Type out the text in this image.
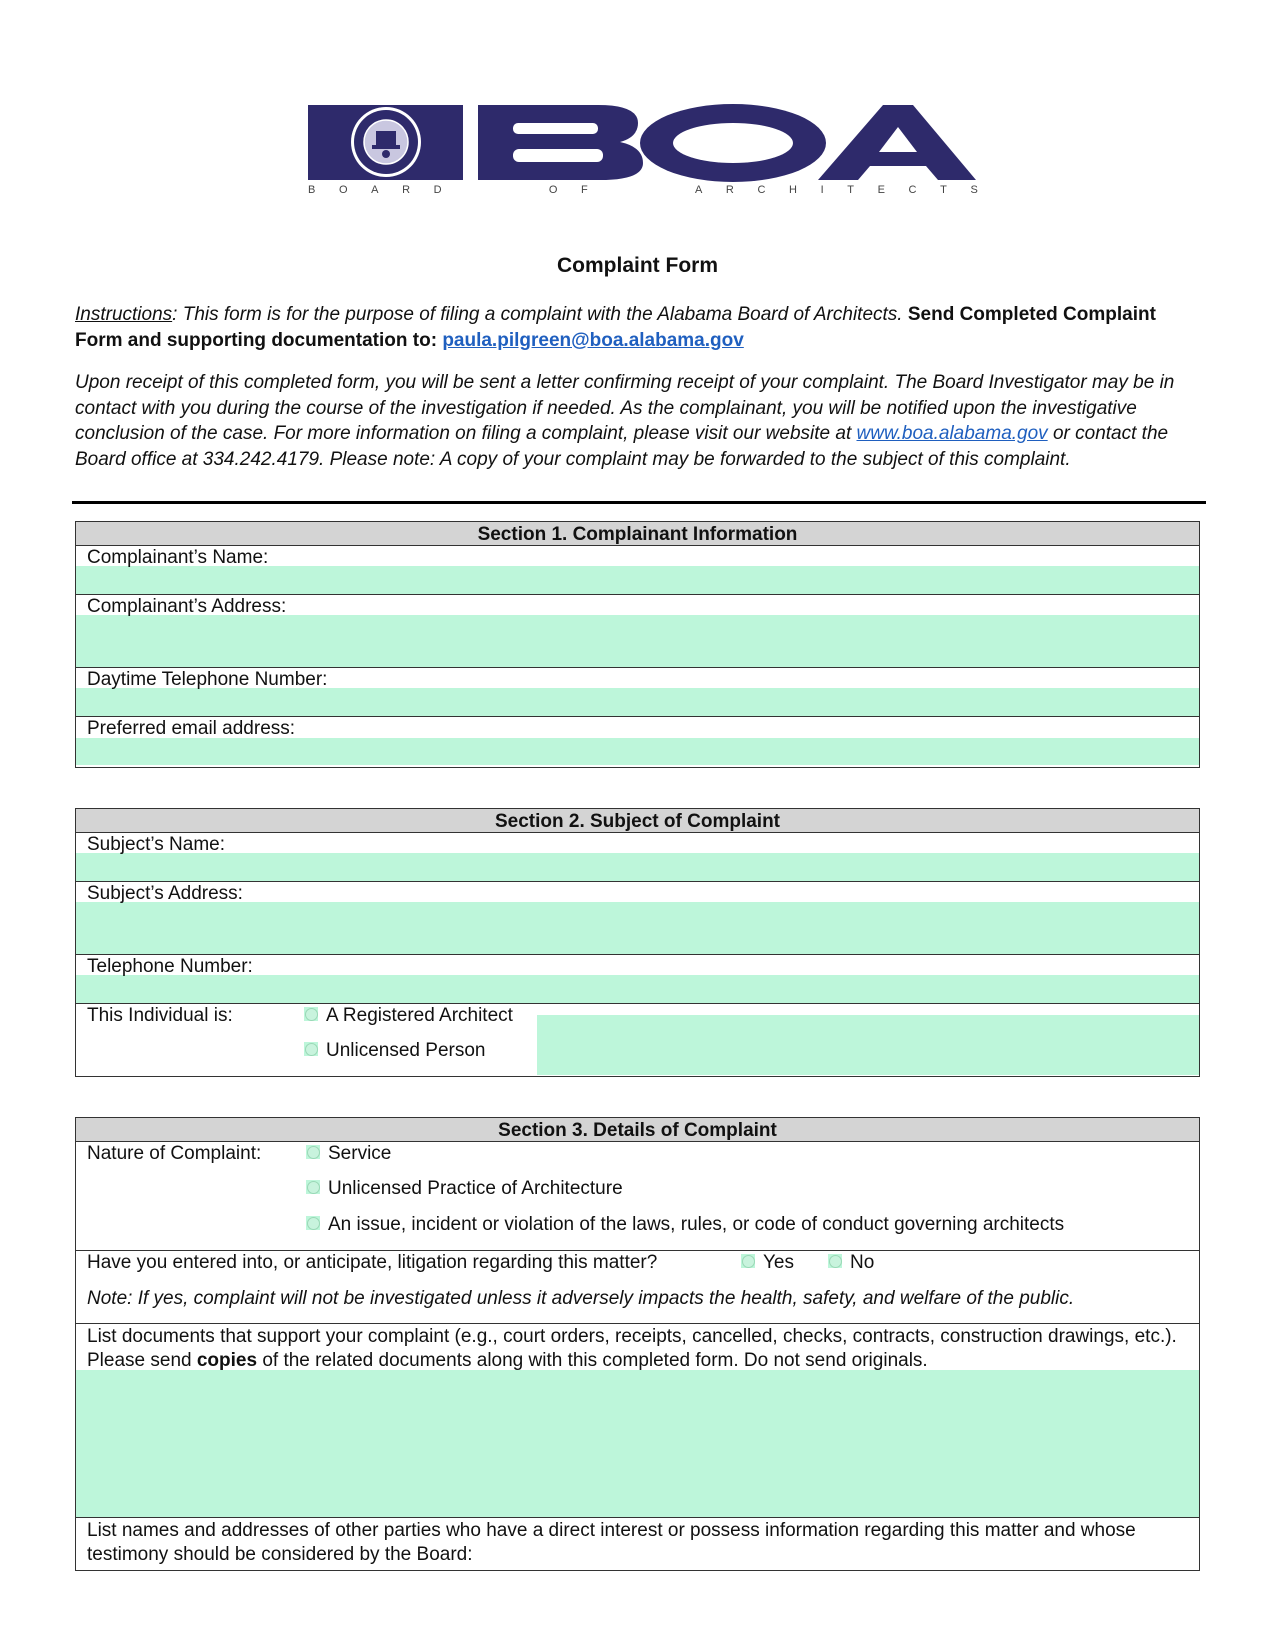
B O A R D	O F	A R C H I T E C T S
Complaint Form
Instructions: This form is for the purpose of filing a complaint with the Alabama Board of Architects. Send Completed Complaint Form and supporting documentation to: paula.pilgreen@boa.alabama.gov
Upon receipt of this completed form, you will be sent a letter confirming receipt of your complaint. The Board Investigator may be in contact with you during the course of the investigation if needed. As the complainant, you will be notified upon the investigative conclusion of the case. For more information on filing a complaint, please visit our website at www.boa.alabama.gov or contact the Board office at 334.242.4179. Please note: A copy of your complaint may be forwarded to the subject of this complaint.
Section 1. Complainant Information
Complainant’s Name:
Complainant’s Address:
Daytime Telephone Number:
Preferred email address:
Section 2. Subject of Complaint
Subject’s Name:
Subject’s Address:
Telephone Number:
This Individual is:	A Registered Architect
Unlicensed Person
Section 3. Details of Complaint
Nature of Complaint:	Service
Unlicensed Practice of Architecture
An issue, incident or violation of the laws, rules, or code of conduct governing architects
Have you entered into, or anticipate, litigation regarding this matter?	Yes	No
Note: If yes, complaint will not be investigated unless it adversely impacts the health, safety, and welfare of the public.
List documents that support your complaint (e.g., court orders, receipts, cancelled, checks, contracts, construction drawings, etc.). Please send copies of the related documents along with this completed form. Do not send originals.
List names and addresses of other parties who have a direct interest or possess information regarding this matter and whose testimony should be considered by the Board:
